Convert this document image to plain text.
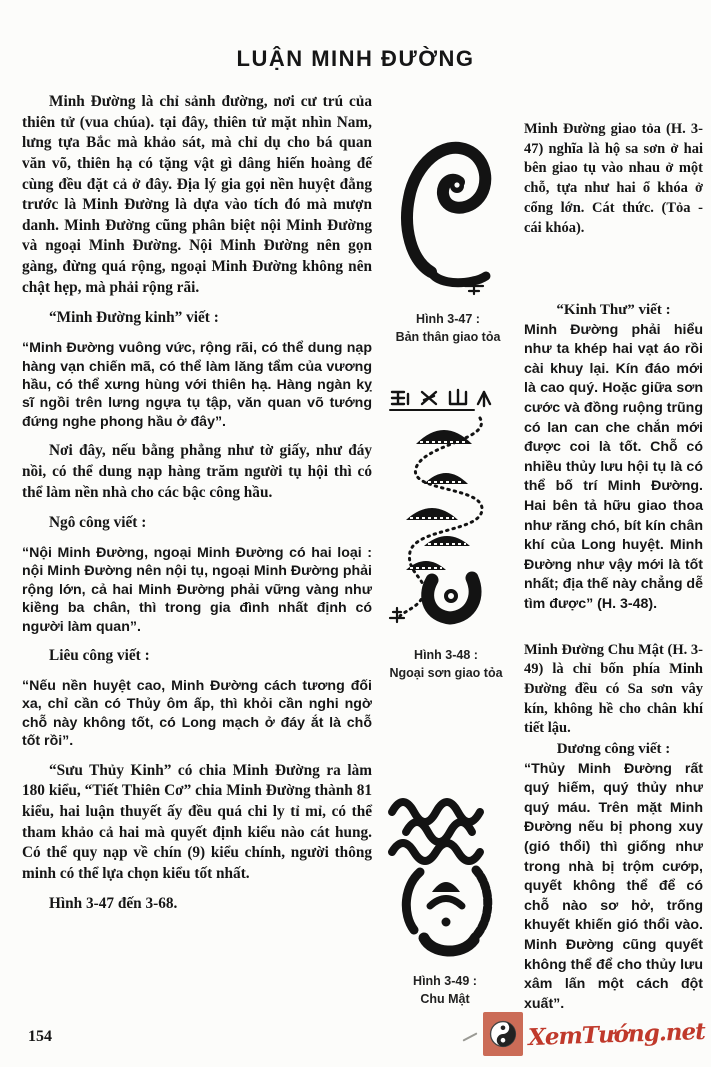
LUẬN MINH ĐƯỜNG

Minh Đường là chỉ sảnh đường, nơi cư trú của thiên tử (vua chúa). tại đây, thiên tử mặt nhìn Nam, lưng tựa Bắc mà khảo sát, mà chỉ dụ cho bá quan văn võ, thiên hạ có tặng vật gì dâng hiến hoàng đế cùng đều đặt cả ở đây. Địa lý gia gọi nền huyệt đằng trước là Minh Đường là dựa vào tích đó mà mượn danh. Minh Đường cũng phân biệt nội Minh Đường và ngoại Minh Đường. Nội Minh Đường nên gọn gàng, đừng quá rộng, ngoại Minh Đường không nên chật hẹp, mà phải rộng rãi.

“Minh Đường kinh” viết :

“Minh Đường vuông vức, rộng rãi, có thể dung nạp hàng vạn chiến mã, có thể làm lăng tẩm của vương hầu, có thể xưng hùng với thiên hạ. Hàng ngàn kỵ sĩ ngồi trên lưng ngựa tụ tập, văn quan võ tướng đứng nghe phong hầu ở đây”.

Nơi đây, nếu bằng phẳng như tờ giấy, như đáy nồi, có thể dung nạp hàng trăm người tụ hội thì có thể làm nền nhà cho các bậc công hầu.

Ngô công viết :

“Nội Minh Đường, ngoại Minh Đường có hai loại : nội Minh Đường nên nội tụ, ngoại Minh Đường phải rộng lớn, cả hai Minh Đường phải vững vàng như kiềng ba chân, thì trong gia đình nhất định có người làm quan”.

Liêu công viết :

“Nếu nền huyệt cao, Minh Đường cách tương đối xa, chỉ cần có Thủy ôm ấp, thì khỏi cần nghi ngờ chỗ này không tốt, có Long mạch ở đáy ắt là chỗ tốt rồi”.

“Sưu Thủy Kinh” có chia Minh Đường ra làm 180 kiểu, “Tiết Thiên Cơ” chia Minh Đường thành 81 kiểu, hai luận thuyết ấy đều quá chi ly tỉ mỉ, có thể tham khảo cả hai mà quyết định kiểu nào cát hung. Có thể quy nạp về chín (9) kiểu chính, người thông minh có thể lựa chọn kiểu tốt nhất.

Hình 3-47 đến 3-68.

Hình 3-47 :
Bản thân giao tỏa
Hình 3-48 :
Ngoại sơn giao tỏa
Hình 3-49 :
Chu Mật

Minh Đường giao tỏa (H. 3-47) nghĩa là hộ sa sơn ở hai bên giao tụ vào nhau ở một chỗ, tựa như hai ổ khóa ở cổng lớn. Cát thức. (Tỏa - cái khóa).

“Kinh Thư” viết :

Minh Đường phải hiểu như ta khép hai vạt áo rồi cài khuy lại. Kín đáo mới là cao quý. Hoặc giữa sơn cước và đồng ruộng trũng có lan can che chắn mới được coi là tốt. Chỗ có nhiều thủy lưu hội tụ là có thể bố trí Minh Đường. Hai bên tả hữu giao thoa như răng chó, bít kín chân khí của Long huyệt. Minh Đường như vậy mới là tốt nhất; địa thế này chẳng dễ tìm được” (H. 3-48).

Minh Đường Chu Mật (H. 3-49) là chỉ bốn phía Minh Đường đều có Sa sơn vây kín, không hề cho chân khí tiết lậu.

Dương công viết :

“Thủy Minh Đường rất quý hiếm, quý thủy như quý máu. Trên mặt Minh Đường nếu bị phong xuy (gió thổi) thì giống như trong nhà bị trộm cướp, quyết không thể để có chỗ nào sơ hở, trống khuyết khiến gió thổi vào. Minh Đường cũng quyết không thể để cho thủy lưu xâm lấn một cách đột xuất”.

154	XemTướng.net
